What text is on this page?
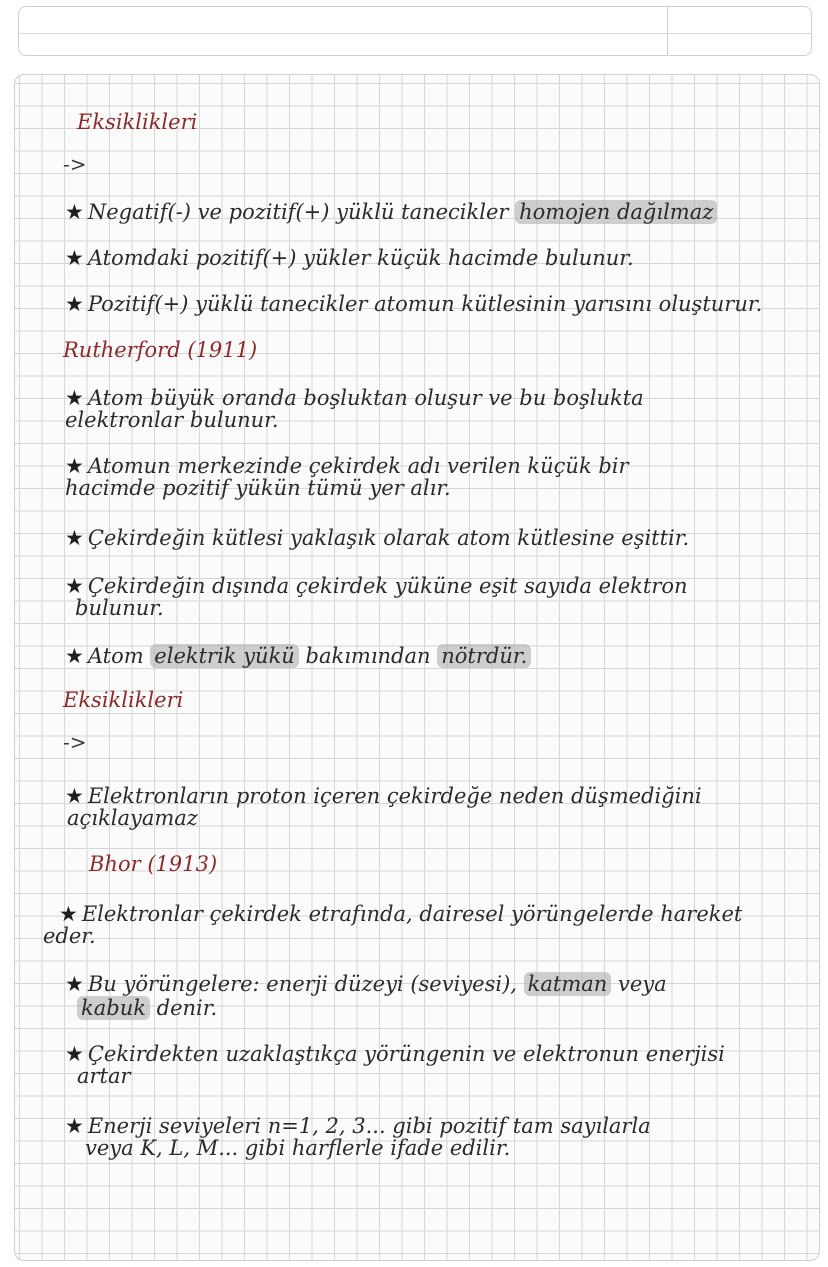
Eksiklikleri
->
★ Negatif(-) ve pozitif(+) yüklü tanecikler homojen dağılmaz
★ Atomdaki pozitif(+) yükler küçük hacimde bulunur.
★ Pozitif(+) yüklü tanecikler atomun kütlesinin yarısını oluşturur.
Rutherford (1911)
★ Atom büyük oranda boşluktan oluşur ve bu boşlukta
elektronlar bulunur.
★ Atomun merkezinde çekirdek adı verilen küçük bir
hacimde pozitif yükün tümü yer alır.
★ Çekirdeğin kütlesi yaklaşık olarak atom kütlesine eşittir.
★ Çekirdeğin dışında çekirdek yüküne eşit sayıda elektron
bulunur.
★ Atom elektrik yükü bakımından nötrdür.
Eksiklikleri
->
★ Elektronların proton içeren çekirdeğe neden düşmediğini
açıklayamaz
Bhor (1913)
★ Elektronlar çekirdek etrafında, dairesel yörüngelerde hareket
eder.
★ Bu yörüngelere: enerji düzeyi (seviyesi), katman veya
kabuk denir.
★ Çekirdekten uzaklaştıkça yörüngenin ve elektronun enerjisi
artar
★ Enerji seviyeleri n=1, 2, 3... gibi pozitif tam sayılarla
veya K, L, M... gibi harflerle ifade edilir.
